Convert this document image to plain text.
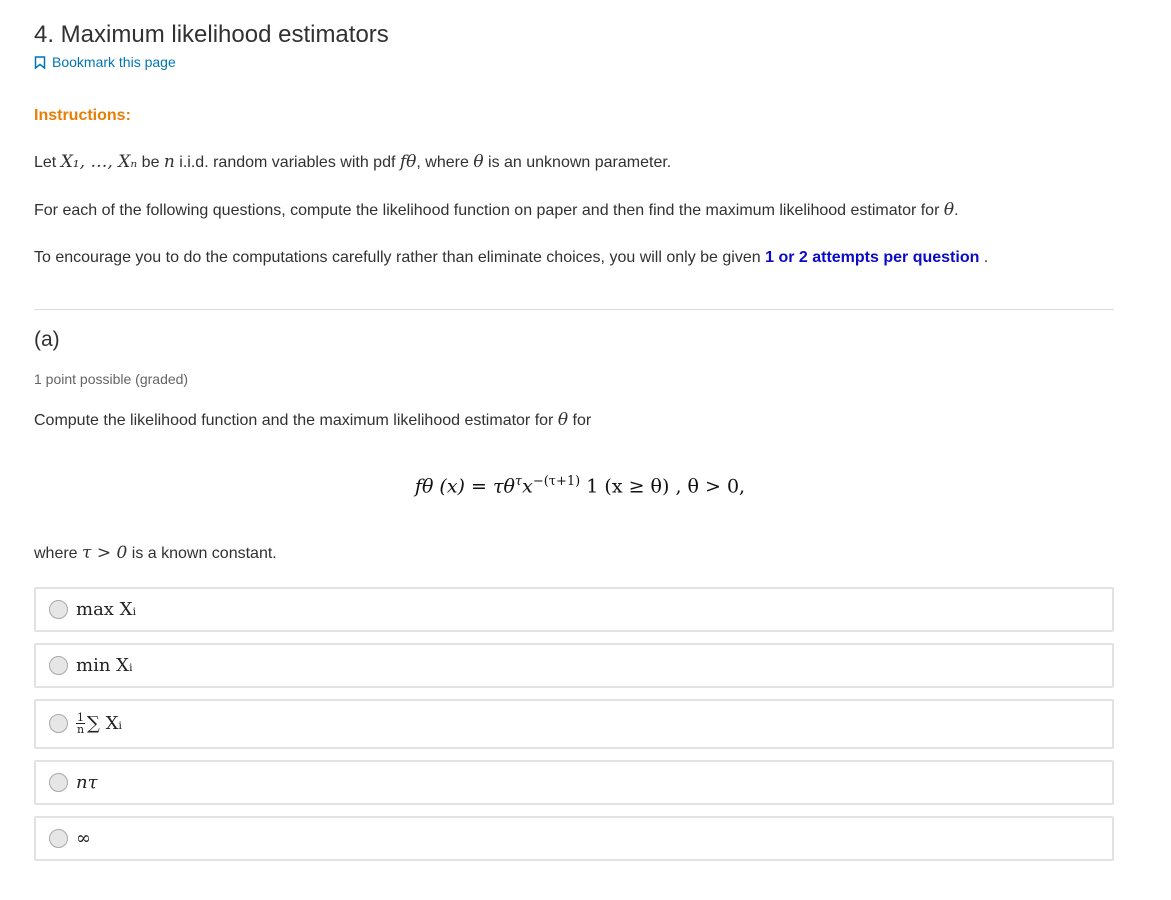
4. Maximum likelihood estimators
Bookmark this page
Instructions:

Let X₁, …, Xₙ be n i.i.d. random variables with pdf fθ, where θ is an unknown parameter.

For each of the following questions, compute the likelihood function on paper and then find the maximum likelihood estimator for θ.

To encourage you to do the computations carefully rather than eliminate choices, you will only be given 1 or 2 attempts per question .

(a)
1 point possible (graded)
Compute the likelihood function and the maximum likelihood estimator for θ for
fθ $(x) = \tau\theta^\tau x^{-(\tau+1)}$ 1 (x ≥ θ) , θ > 0,
where τ > 0 is a known constant.
max Xᵢ
min Xᵢ
$\frac{1}{n}$ ∑ Xᵢ
nτ
∞
